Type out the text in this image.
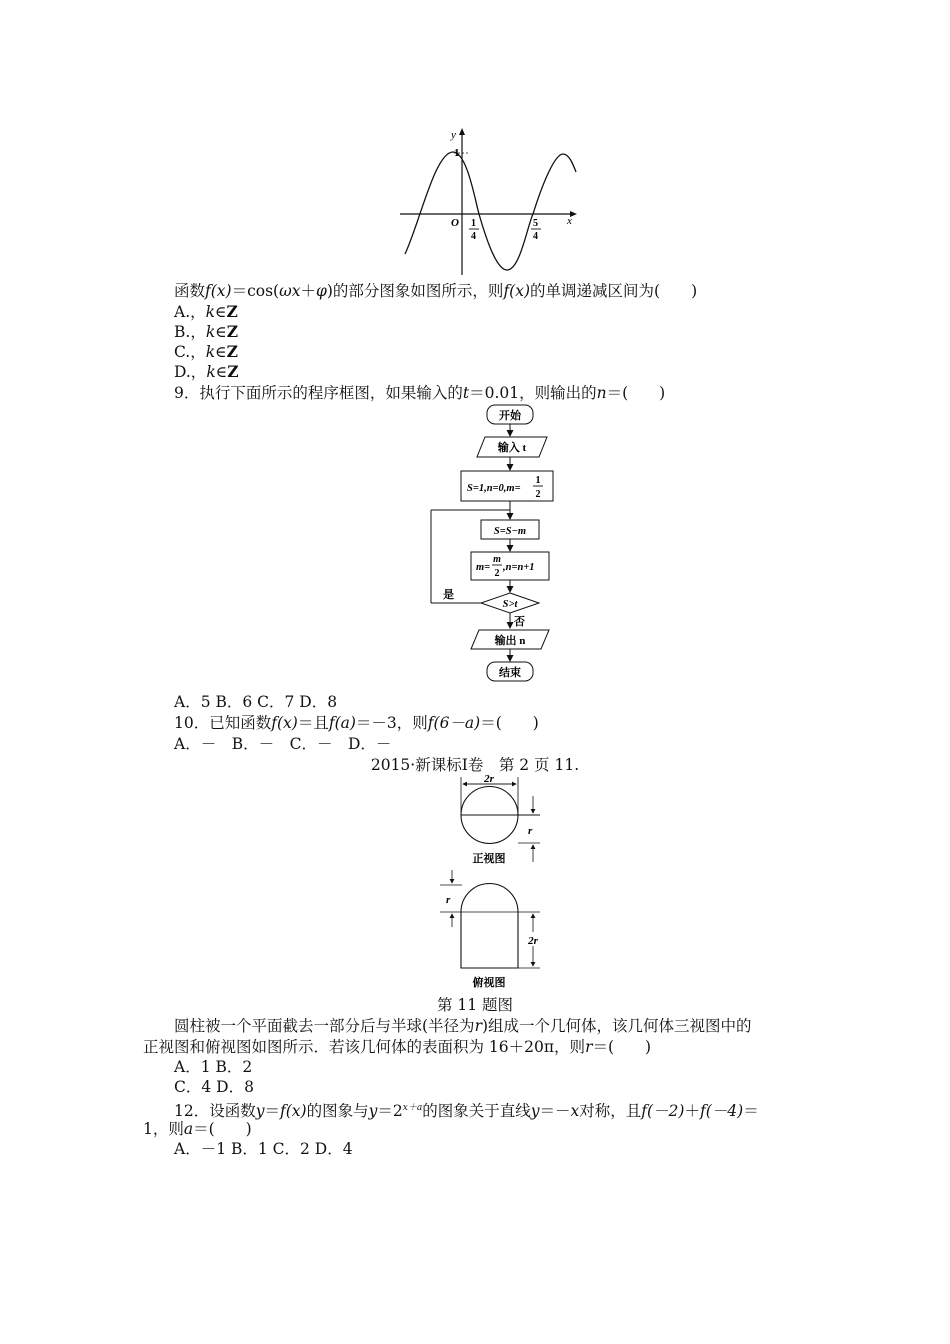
y
x
O
1
1
4
5
4
函数f(x)＝cos(ωx＋φ)的部分图象如图所示，则f(x)的单调递减区间为(　　)
A.，k∈Z
B.，k∈Z
C.，k∈Z
D.，k∈Z
9．执行下面所示的程序框图，如果输入的t＝0.01，则输出的n＝(　　)
开始
输入 t
S=1,n=0,m=
1
2
S=S−m
m=
m
2
,n=n+1
S>t
是
否
输出 n
结束
A．5 B．6 C．7 D．8
10．已知函数f(x)＝且f(a)＝－3，则f(6－a)＝(　　)
A．－　B．－　C．－　D．－
2015·新课标Ⅰ卷　第 2 页 11.
2r
r
正视图
r
2r
俯视图
第 11 题图
圆柱被一个平面截去一部分后与半球(半径为r)组成一个几何体，该几何体三视图中的
正视图和俯视图如图所示．若该几何体的表面积为 16＋20π，则r＝(　　)
A．1 B．2
C．4 D．8
12．设函数y＝f(x)的图象与$y=2^{x+a}$的图象关于直线y＝－x对称，且f(－2)＋f(－4)＝
1，则a＝(　　)
A．－1 B．1 C．2 D．4
